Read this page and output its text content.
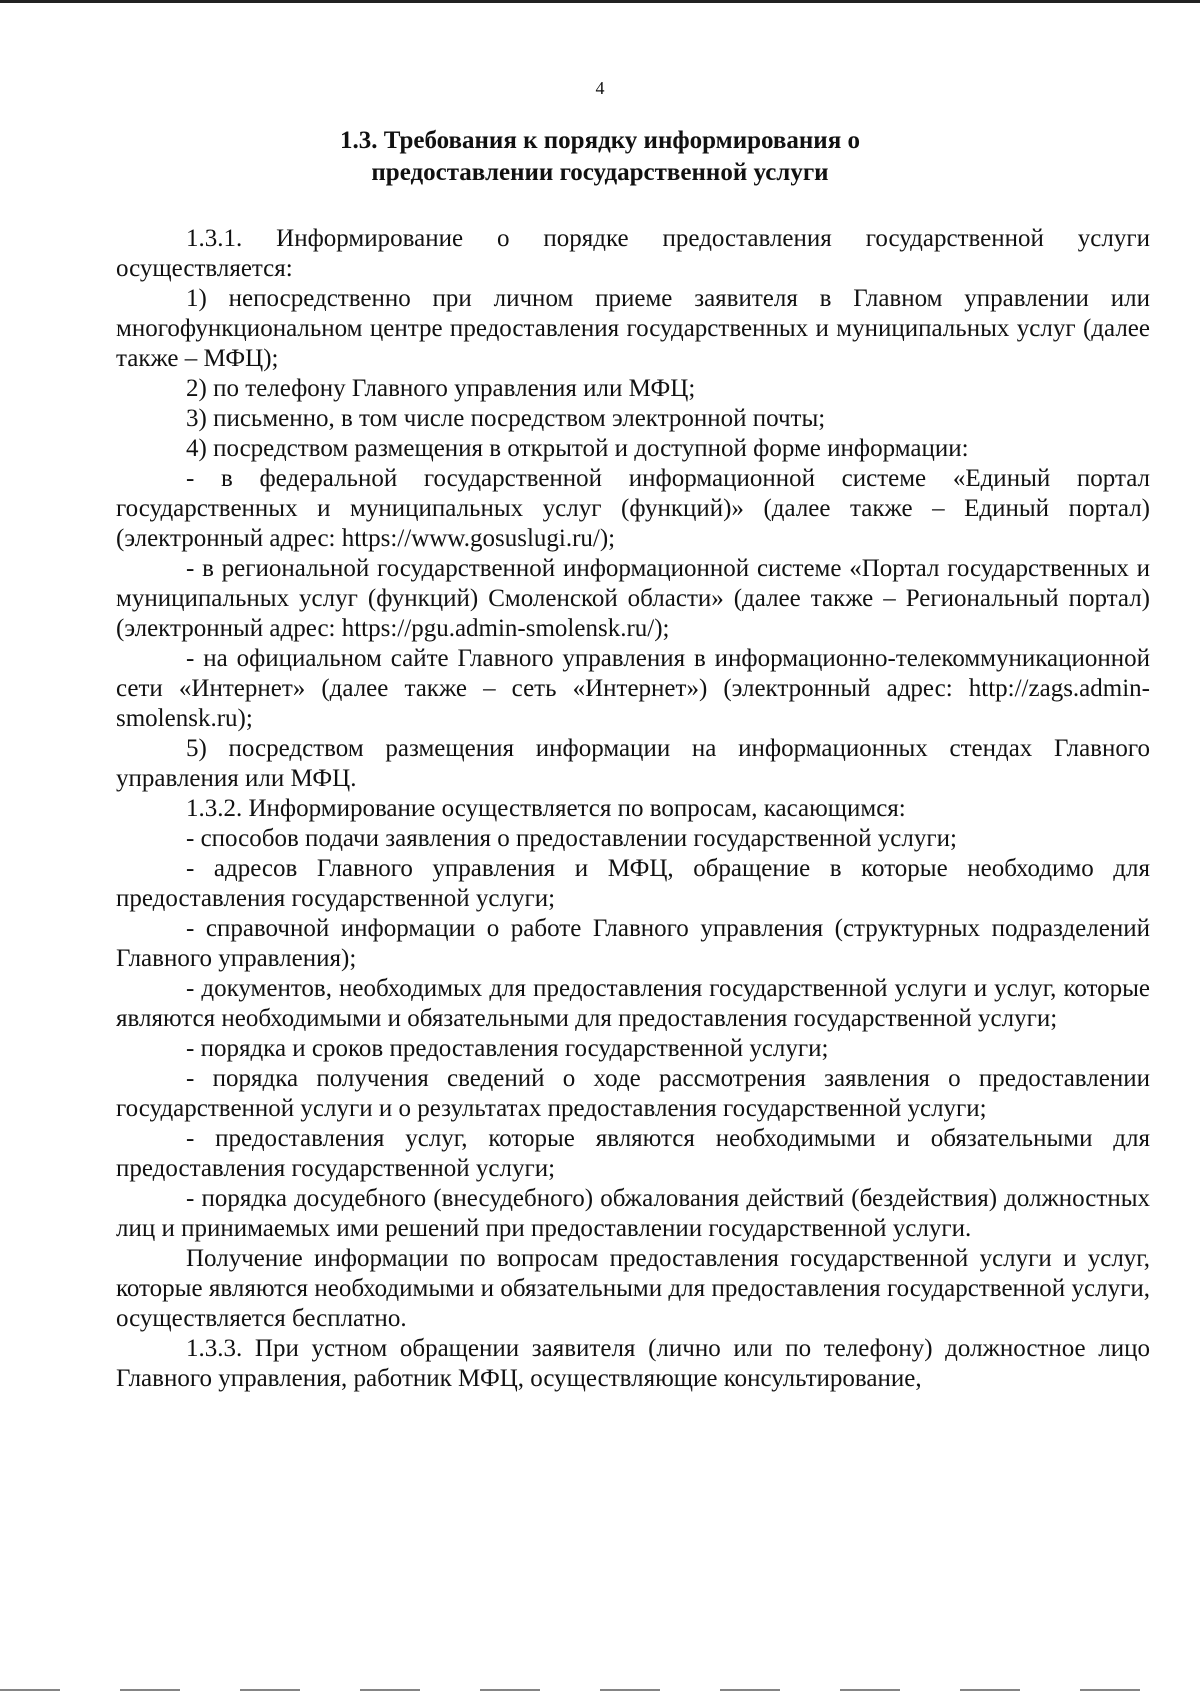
4
1.3. Требования к порядку информирования о
предоставлении государственной услуги

1.3.1. Информирование о порядке предоставления государственной услуги осуществляется:

1) непосредственно при личном приеме заявителя в Главном управлении или многофункциональном центре предоставления государственных и муниципальных услуг (далее также – МФЦ);

2) по телефону Главного управления или МФЦ;

3) письменно, в том числе посредством электронной почты;

4) посредством размещения в открытой и доступной форме информации:

- в федеральной государственной информационной системе «Единый портал государственных и муниципальных услуг (функций)» (далее также – Единый портал) (электронный адрес: https://www.gosuslugi.ru/);

- в региональной государственной информационной системе «Портал государственных и муниципальных услуг (функций) Смоленской области» (далее также – Региональный портал) (электронный адрес: https://pgu.admin-smolensk.ru/);

- на официальном сайте Главного управления в информационно-телекоммуникационной сети «Интернет» (далее также – сеть «Интернет») (электронный адрес: http://zags.admin-smolensk.ru);

5) посредством размещения информации на информационных стендах Главного управления или МФЦ.

1.3.2. Информирование осуществляется по вопросам, касающимся:

- способов подачи заявления о предоставлении государственной услуги;

- адресов Главного управления и МФЦ, обращение в которые необходимо для предоставления государственной услуги;

- справочной информации о работе Главного управления (структурных подразделений Главного управления);

- документов, необходимых для предоставления государственной услуги и услуг, которые являются необходимыми и обязательными для предоставления государственной услуги;

- порядка и сроков предоставления государственной услуги;

- порядка получения сведений о ходе рассмотрения заявления о предоставлении государственной услуги и о результатах предоставления государственной услуги;

- предоставления услуг, которые являются необходимыми и обязательными для предоставления государственной услуги;

- порядка досудебного (внесудебного) обжалования действий (бездействия) должностных лиц и принимаемых ими решений при предоставлении государственной услуги.

Получение информации по вопросам предоставления государственной услуги и услуг, которые являются необходимыми и обязательными для предоставления государственной услуги, осуществляется бесплатно.

1.3.3. При устном обращении заявителя (лично или по телефону) должностное лицо Главного управления, работник МФЦ, осуществляющие консультирование,
